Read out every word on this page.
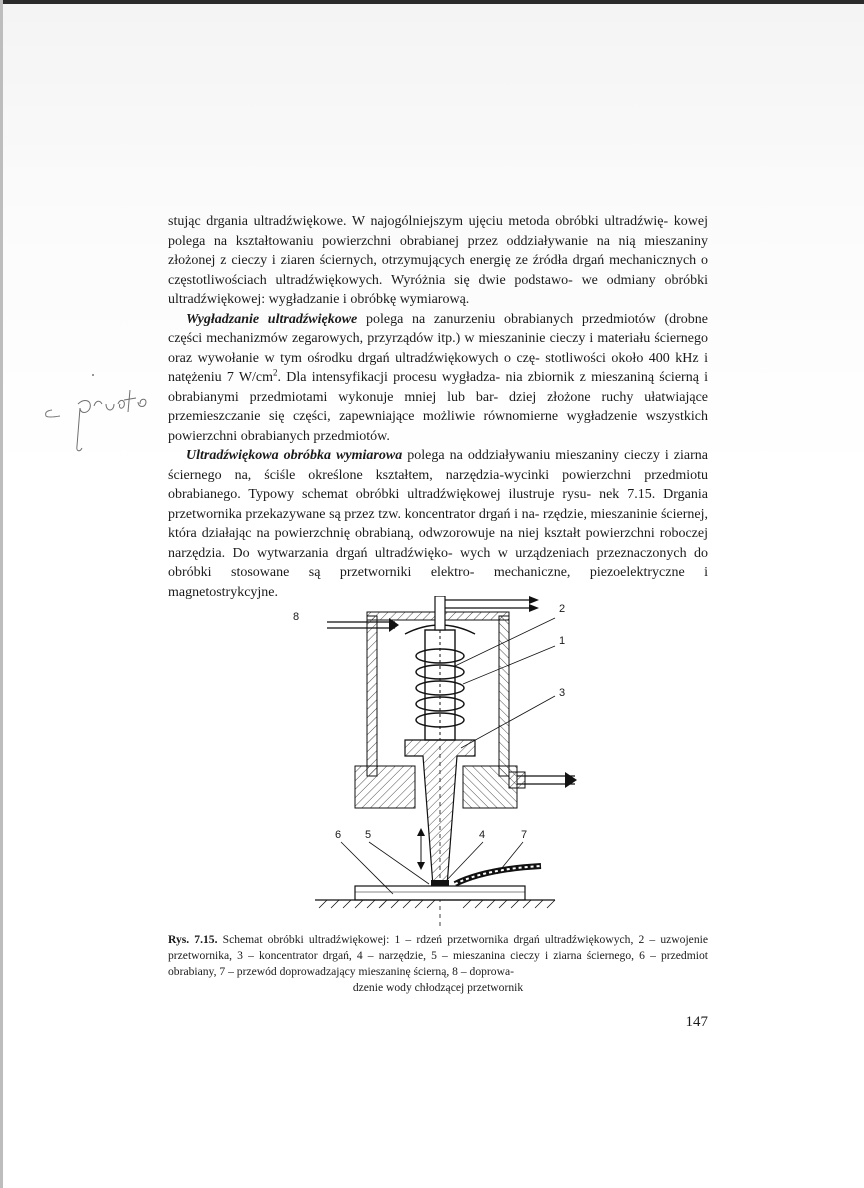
stując drgania ultradźwiękowe. W najogólniejszym ujęciu metoda obróbki ultradźwię- kowej polega na kształtowaniu powierzchni obrabianej przez oddziaływanie na nią mieszaniny złożonej z cieczy i ziaren ściernych, otrzymujących energię ze źródła drgań mechanicznych o częstotliwościach ultradźwiękowych. Wyróżnia się dwie podstawo- we odmiany obróbki ultradźwiękowej: wygładzanie i obróbkę wymiarową.

Wygładzanie ultradźwiękowe polega na zanurzeniu obrabianych przedmiotów (drobne części mechanizmów zegarowych, przyrządów itp.) w mieszaninie cieczy i materiału ściernego oraz wywołanie w tym ośrodku drgań ultradźwiękowych o czę- stotliwości około 400 kHz i natężeniu 7 $W/cm^2$. Dla intensyfikacji procesu wygładza- nia zbiornik z mieszaniną ścierną i obrabianymi przedmiotami wykonuje mniej lub bar- dziej złożone ruchy ułatwiające przemieszczanie się części, zapewniające możliwie równomierne wygładzenie wszystkich powierzchni obrabianych przedmiotów.

Ultradźwiękowa obróbka wymiarowa polega na oddziaływaniu mieszaniny cieczy i ziarna ściernego na, ściśle określone kształtem, narzędzia-wycinki powierzchni przedmiotu obrabianego. Typowy schemat obróbki ultradźwiękowej ilustruje rysu- nek 7.15. Drgania przetwornika przekazywane są przez tzw. koncentrator drgań i na- rzędzie, mieszaninie ściernej, która działając na powierzchnię obrabianą, odwzorowuje na niej kształt powierzchni roboczej narzędzia. Do wytwarzania drgań ultradźwięko- wych w urządzeniach przeznaczonych do obróbki stosowane są przetworniki elektro- mechaniczne, piezoelektryczne i magnetostrykcyjne.

8
2
1
3
6 5	4	7
Rys. 7.15. Schemat obróbki ultradźwiękowej: 1 – rdzeń przetwornika drgań ultradźwiękowych, 2 – uzwojenie przetwornika, 3 – koncentrator drgań, 4 – narzędzie, 5 – mieszanina cieczy i ziarna ściernego, 6 – przedmiot obrabiany, 7 – przewód doprowadzający mieszaninę ścierną, 8 – doprowa-
dzenie wody chłodzącej przetwornik
147
